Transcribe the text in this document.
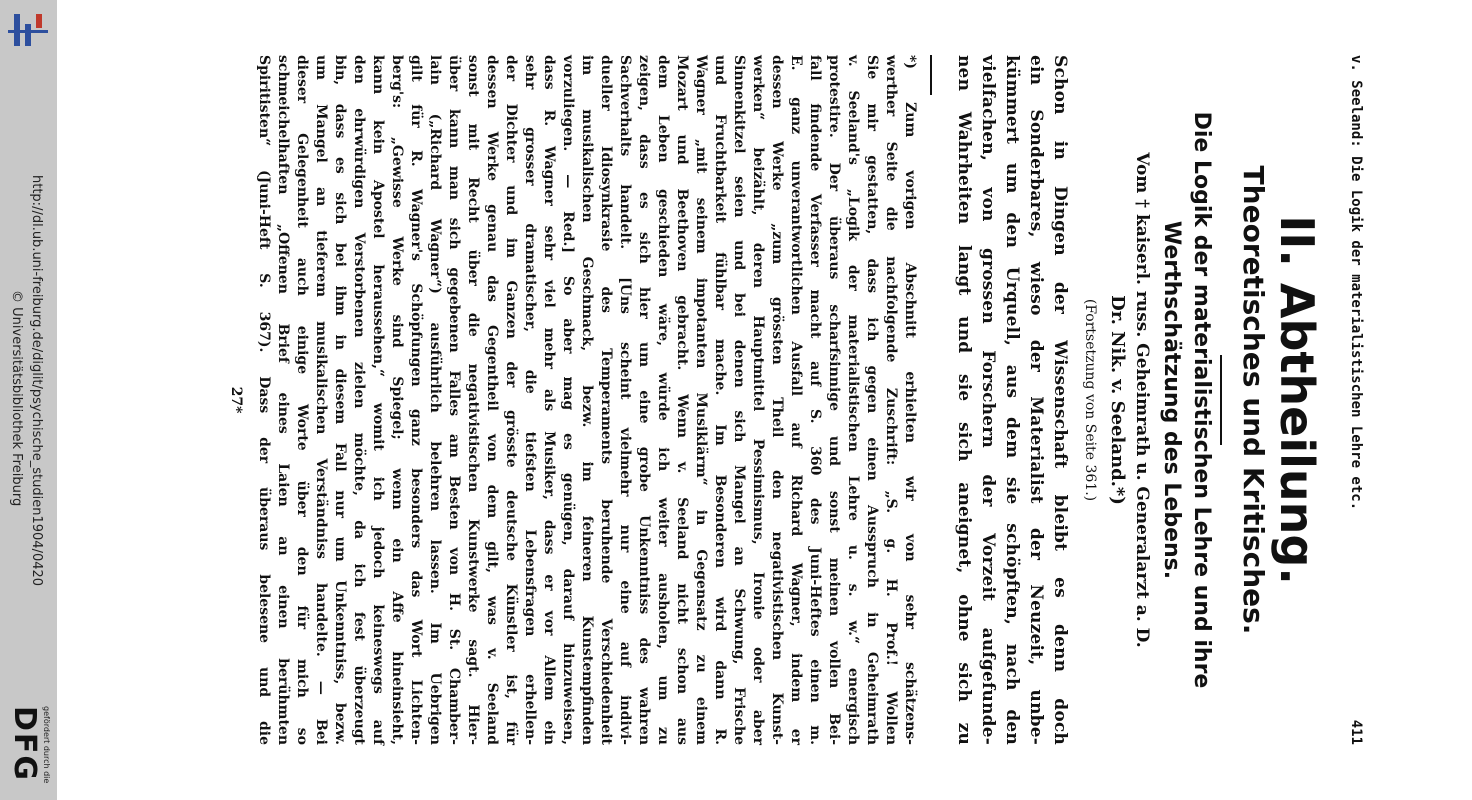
http://dl.ub.uni-freiburg.de/diglit/psychische_studien1904/0420
© Universitätsbibliothek Freiburg
gefördert durch die
DFG
v. Seeland: Die Logik der materialistischen Lehre etc.
411
II. Abtheilung.
Theoretisches und Kritisches.
Die Logik der materialistischen Lehre und ihre
Werthschätzung des Lebens.
Vom † kaiserl. russ. Geheimrath u. Generalarzt a. D.
Dr. Nik. v. Seeland.*)
(Fortsetzung von Seite 361.)
Schon in Dingen der Wissenschaft bleibt es denn doch
ein Sonderbares, wieso der Materialist der Neuzeit, unbe-
kümmert um den Urquell, aus dem sie schöpften, nach den
vielfachen, von grossen Forschern der Vorzeit aufgefunde-
nen Wahrheiten langt und sie sich aneignet, ohne sich zu
*) Zum vorigen Abschnitt erhielten wir von sehr schätzens-
werther Seite die nachfolgende Zuschrift: „S. g. H. Prof.! Wollen
Sie mir gestatten, dass ich gegen einen Ausspruch in Geheimrath
v. Seeland's „Logik der materialistischen Lehre u. s. w.“ energisch
protestire. Der überaus scharfsinnige und sonst meinen vollen Bei-
fall findende Verfasser macht auf S. 360 des Juni-Heftes einen m.
E. ganz unverantwortlichen Ausfall auf Richard Wagner, indem er
dessen Werke „zum grössten Theil den negativistischen Kunst-
werken“ beizählt, deren Hauptmittel Pessimismus, Ironie oder aber
Sinnenkitzel seien und bei denen sich Mangel an Schwung, Frische
und Fruchtbarkeit fühlbar mache. Im Besonderen wird dann R.
Wagner „mit seinem impotanten Musiklärm“ in Gegensatz zu einem
Mozart und Beethoven gebracht. Wenn v. Seeland nicht schon aus
dem Leben geschieden wäre, würde ich weiter ausholen, um zu
zeigen, dass es sich hier um eine grobe Unkenntniss des wahren
Sachverhalts handelt. [Uns scheint vielmehr nur eine auf indivi-
dueller Idiosynkrasie des Temperaments beruhende Verschiedenheit
im musikalischen Geschmack, bezw. im feineren Kunstempfinden
vorzuliegen. — Red.] So aber mag es genügen, darauf hinzuweisen,
dass R. Wagner sehr viel mehr als Musiker, dass er vor Allem ein
sehr grosser dramatischer, die tiefsten Lebensfragen erhellen-
der Dichter und im Ganzen der grösste deutsche Künstler ist, für
dessen Werke genau das Gegentheil von dem gilt, was v. Seeland
sonst mit Recht über die negativistischen Kunstwerke sagt. Hier-
über kann man sich gegebenen Falles am Besten von H. St. Chamber-
lain („Richard Wagner“) ausführlich belehren lassen. Im Uebrigen
gilt für R. Wagner's Schöpfungen ganz besonders das Wort Lichten-
berg's: „Gewisse Werke sind Spiegel; wenn ein Affe hineinsieht,
kann kein Apostel heraussehen,“ womit ich jedoch keineswegs auf
den ehrwürdigen Verstorbenen zielen möchte, da ich fest überzeugt
bin, dass es sich bei ihm in diesem Fall nur um Unkenntniss, bezw.
um Mangel an tieferem musikalischen Verständniss handelte. — Bei
dieser Gelegenheit auch einige Worte über den für mich so
schmeichelhaften „Offenen Brief eines Laien an einen berühmten
Spiritisten“ (Juni-Heft S. 367). Dass der überaus belesene und die
27*
